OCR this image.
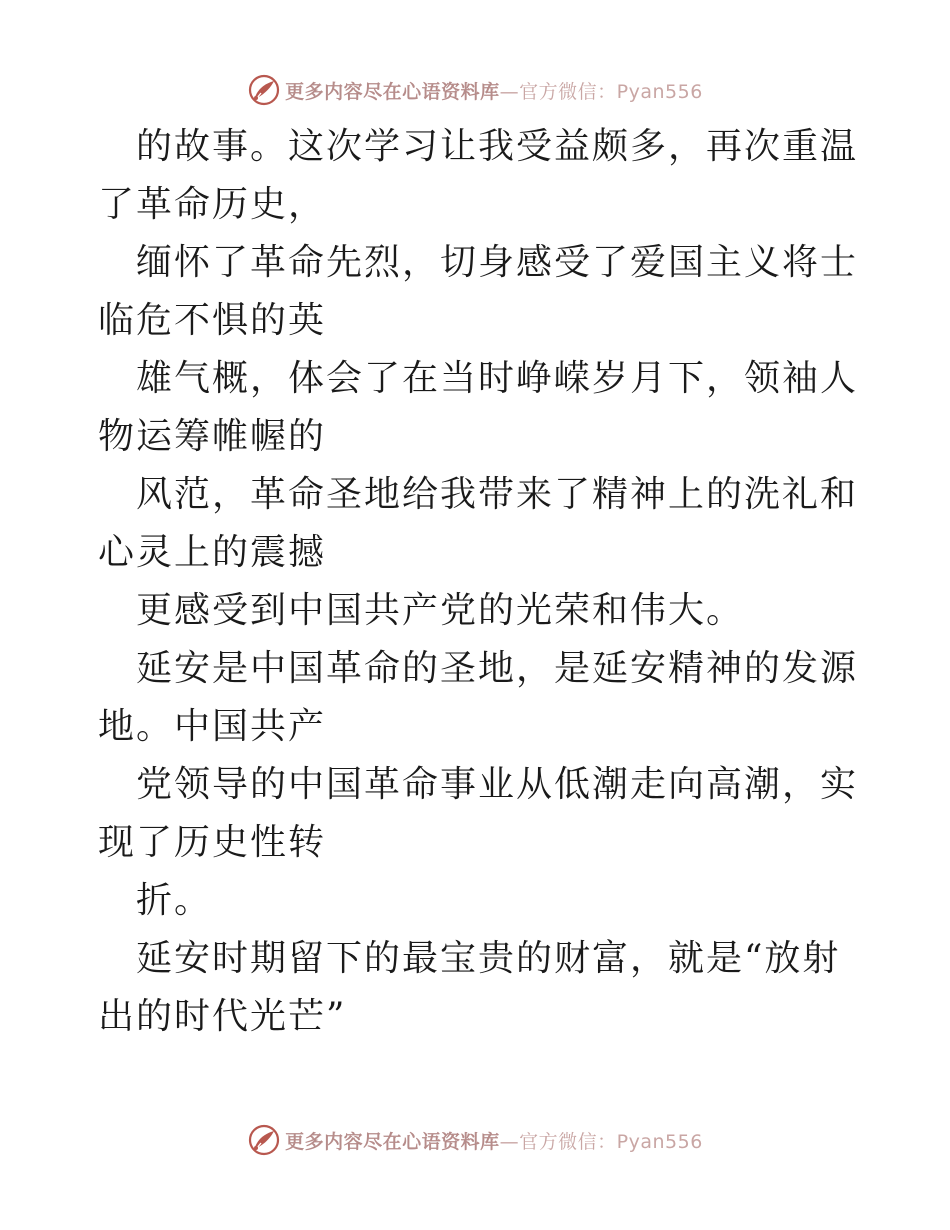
更多内容尽在心语资料库—官方微信：Pyan556

的故事。这次学习让我受益颇多，再次重温了革命历史，

缅怀了革命先烈，切身感受了爱国主义将士临危不惧的英

雄气概，体会了在当时峥嵘岁月下，领袖人物运筹帷幄的

风范，革命圣地给我带来了精神上的洗礼和心灵上的震撼

更感受到中国共产党的光荣和伟大。

延安是中国革命的圣地，是延安精神的发源地。中国共产

党领导的中国革命事业从低潮走向高潮，实现了历史性转

折。

延安时期留下的最宝贵的财富，就是“放射出的时代光芒”

更多内容尽在心语资料库—官方微信：Pyan556
